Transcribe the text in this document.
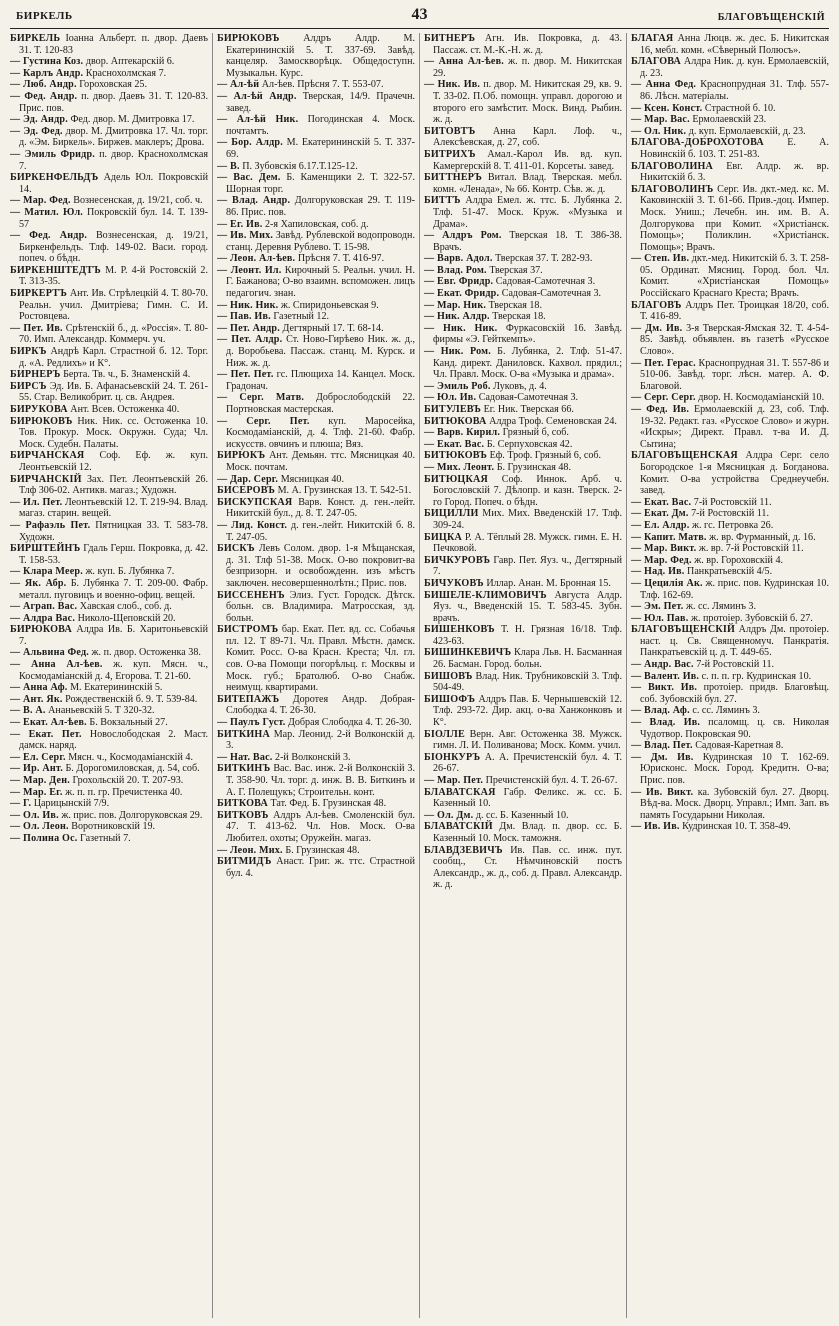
БИРКЕЛЬ	43	БЛАГОВЪЩЕНСКІЙ

БИРКЕЛЬ Іоанна Альберт. п. двор. Даевъ 31. Т. 120-83

— Густина Коз. двор. Аптекарскій 6.

— Карлъ Андр. Краснохолмская 7.

— Люб. Андр. Гороховская 25.

— Фед. Андр. п. двор. Даевъ 31. Т. 120-83. Прис. пов.

— Эд. Андр. Фед. двор. М. Дмитровка 17.

— Эд. Фед. двор. М. Дмитровка 17. Чл. торг. д. «Эм. Биркель». Биржев. маклеръ; Дрова.

— Эмиль Фридр. п. двор. Краснохолмская 7.

БИРКЕНФЕЛЬДЪ Адель Юл. Покровскій 14.

— Мар. Фед. Вознесенская, д. 19/21, соб. ч.

— Матил. Юл. Покровскій бул. 14. Т. 139-57

— Фед. Андр. Вознесенская, д. 19/21, Биркенфельдъ. Тлф. 149-02. Васи. город. попеч. о бѣдн.

БИРКЕНШТЕДТЪ М. Р. 4-й Ростовскій 2. Т. 313-35.

БИРКЕРТЪ Ант. Ив. Стрѣлецкій 4. Т. 80-70. Реальн. учил. Дмитріева; Гимн. С. И. Ростовцева.

— Пет. Ив. Срѣтенскій б., д. «Россія». Т. 80-70. Имп. Александр. Коммерч. уч.

БИРКЪ Андрѣ Карл. Страстной б. 12. Торг. д. «А. Редлихъ» и К°.

БИРНЕРЪ Берта. Тв. ч., Б. Знаменскій 4.

БИРСЪ Эд. Ив. Б. Афанасьевскій 24. Т. 261-55. Стар. Великобрит. ц. св. Андрея.

БИРУКОВА Ант. Всев. Остоженка 40.

БИРЮКОВЪ Ник. Ник. сс. Остоженка 10. Тов. Прокур. Моск. Окружн. Суда; Чл. Моск. Судебн. Палаты.

БИРЧАНСКАЯ Соф. Еф. ж. куп. Леонтьевскій 12.

БИРЧАНСКІЙ Зах. Пет. Леонтьевскій 26. Тлф 306-02. Антикв. магаз.; Художн.

— Ил. Пет. Леонтьевскій 12. Т. 219-94. Влад. магаз. старин. вещей.

— Рафаэль Пет. Пятницкая 33. Т. 583-78. Художн.

БИРШТЕЙНЪ Гдаль Герш. Покровка, д. 42. Т. 158-53.

— Клара Меер. ж. куп. Б. Лубянка 7.

— Як. Абр. Б. Лубянка 7. Т. 209-00. Фабр. металл. пуговицъ и военно-офиц. вещей.

— Аграп. Вас. Хавская слоб., соб. д.

— Алдра Вас. Николо-Щеповскій 20.

БИРЮКОВА Алдра Ив. Б. Харитоньевскій 7.

— Альвина Фед. ж. п. двор. Остоженка 38.

— Анна Ал-ѣев. ж. куп. Мясн. ч., Космодаміанскій д. 4, Егорова. Т. 21-60.

— Анна Аф. М. Екатерининскій 5.

— Ант. Як. Рождественскій б. 9. Т. 539-84.

— В. А. Ананьевскій 5. Т 320-32.

— Екат. Ал-ѣев. Б. Вокзальный 27.

— Екат. Пет. Новослободская 2. Маст. дамск. наряд.

— Ел. Серг. Мясн. ч., Космодаміанскій 4.

— Ир. Ант. Б. Дорогомиловская, д. 54, соб.

— Мар. Ден. Грохольскій 20. Т. 207-93.

— Мар. Ег. ж. п. п. гр. Пречистенка 40.

— Г. Царицынскій 7/9.

— Ол. Ив. ж. прис. пов. Долгоруковская 29.

— Ол. Леон. Воротниковскій 19.

— Полина Ос. Газетный 7.

БИРЮКОВЪ Алдръ Алдр. М. Екатерининскій 5. Т. 337-69. Завѣд. канцеляр. Замоскворѣцк. Общедоступн. Музыкальн. Курс.

— Ал-ѣй Ал-ѣев. Прѣсня 7. Т. 553-07.

— Ал-ѣй Андр. Тверская, 14/9. Прачечн. завед.

— Ал-ѣй Ник. Погодинская 4. Моск. почтамтъ.

— Бор. Алдр. М. Екатерининскій 5. Т. 337-69.

— В. П. Зубовскія 6.17.Т.125-12.

— Вас. Дем. Б. Каменщики 2. Т. 322-57. Шорная торг.

— Влад. Андр. Долгоруковская 29. Т. 119-86. Прис. пов.

— Ег. Ив. 2-я Хапиловская, соб. д.

— Ив. Мих. Завѣд. Рублевской водопроводн. станц. Деревня Рублево. Т. 15-98.

— Леон. Ал-ѣев. Прѣсня 7. Т. 416-97.

— Леонт. Ил. Кирочный 5. Реальн. учил. Н. Г. Бажанова; О-во взаимн. вспоможен. лицъ педагогич. знан.

— Ник. Ник. ж. Спиридоньевская 9.

— Пав. Ив. Газетный 12.

— Пет. Андр. Дегтярный 17. Т. 68-14.

— Пет. Алдр. Ст. Ново-Гирѣево Ник. ж. д., д. Воробьева. Пассаж. станц. М. Курск. и Ниж. ж. д.

— Пет. Пет. гс. Плющиха 14. Канцел. Моск. Градонач.

— Серг. Матв. Доброслободскій 22. Портновская мастерская.

— Серг. Пет. куп. Маросейка, Космодаміанскій, д. 4. Тлф. 21-60. Фабр. искусств. овчинъ и плюша; Вяз.

БИРЮКЪ Ант. Демьян. ттс. Мясницкая 40. Моск. почтам.

— Дар. Серг. Мясницкая 40.

БИСЕРОВЪ М. А. Грузинская 13. Т. 542-51.

БИСКУПСКАЯ Варв. Конст. д. ген.-лейт. Никитскій бул., д. 8. Т. 247-05.

— Лид. Конст. д. ген.-лейт. Никитскій б. 8. Т. 247-05.

БИСКЪ Левъ Солом. двор. 1-я Мѣщанская, д. 31. Тлф 51-38. Моск. О-во покровит-ва безпризорн. и освобожденн. изъ мѣстъ заключен. несовершеннолѣтн.; Прис. пов.

БИССЕНЕНЪ Элиз. Густ. Городск. Дѣтск. больн. св. Владимира. Матросская, зд. больн.

БИСТРОМЪ бар. Екат. Пет. вд. сс. Собачья пл. 12. Т 89-71. Чл. Правл. Мѣстн. дамск. Комит. Росс. О-ва Красн. Креста; Чл. гл. сов. О-ва Помощи погорѣльц. г. Москвы и Моск. губ.; Братолюб. О-во Снабж. неимущ. квартирами.

БИТЕПАЖЪ Доротея Андр. Добрая-Слободка 4. Т. 26-30.

— Паулъ Густ. Добрая Слободка 4. Т. 26-30.

БИТКИНА Мар. Леонид. 2-й Волконскій д. 3.

— Нат. Вас. 2-й Волконскій 3.

БИТКИНЪ Вас. Вас. инж. 2-й Волконскій 3. Т. 358-90. Чл. торг. д. инж. В. В. Биткинъ и А. Г. Полещукъ; Строительн. конт.

БИТКОВА Тат. Фед. Б. Грузинская 48.

БИТКОВЪ Алдръ Ал-ѣев. Смоленскій бул. 47. Т. 413-62. Чл. Нов. Моск. О-ва Любител. охоты; Оружейн. магаз.

— Леон. Мих. Б. Грузинская 48.

БИТМИДЪ Анаст. Григ. ж. ттс. Страстной бул. 4.

БИТНЕРЪ Агн. Ив. Покровка, д. 43. Пассаж. ст. М.-К.-Н. ж. д.

— Анна Ал-ѣев. ж. п. двор. М. Никитская 29.

— Ник. Ив. п. двор. М. Никитская 29, кв. 9. Т. 33-02. П.Об. помощн. управл. дорогою и второго его замѣстит. Моск. Винд. Рыбин. ж. д.

БИТОВТЪ Анна Карл. Лоф. ч., Алексѣевская, д. 27, соб.

БИТРИХЪ Амал.-Карол Ив. вд. куп. Камергерскій 8. Т. 411-01. Корсеты. завед.

БИТТНЕРЪ Витал. Влад. Тверская. мебл. комн. «Ленада», № 66. Контр. Сѣв. ж. д.

БИТТЪ Алдра Емел. ж. ттс. Б. Лубянка 2. Тлф. 51-47. Моск. Круж. «Музыка и Драма».

— Алдръ Ром. Тверская 18. Т. 386-38. Врачъ.

— Варв. Адол. Тверская 37. Т. 282-93.

— Влад. Ром. Тверская 37.

— Евг. Фридр. Садовая-Самотечная 3.

— Екат. Фридр. Садовая-Самотечная 3.

— Мар. Ник. Тверская 18.

— Ник. Алдр. Тверская 18.

— Ник. Ник. Фуркасовскій 16. Завѣд. фирмы «Э. Гейткемпъ».

— Ник. Ром. Б. Лубянка, 2. Тлф. 51-47. Канд. директ. Даниловск. Кахвол. прядил.; Чл. Правл. Моск. О-ва «Музыка и драма».

— Эмиль Роб. Луковъ, д. 4.

— Юл. Ив. Садовая-Самотечная 3.

БИТУЛЕВЪ Ег. Ник. Тверская 66.

БИТЮКОВА Алдра Троф. Семеновская 24.

— Варв. Кирил. Грязный б, соб.

— Екат. Вас. Б. Серпуховская 42.

БИТЮКОВЪ Еф. Троф. Грязный 6, соб.

— Мих. Леонт. Б. Грузинская 48.

БИТЮЦКАЯ Соф. Иннок. Арб. ч. Богословскій 7. Дѣлопр. и казн. Тверск. 2-го Город. Попеч. о бѣдн.

БИЦИЛЛИ Мих. Мих. Введенскій 17. Тлф. 309-24.

БИЦКА Р. А. Тёплый 28. Мужск. гимн. Е. Н. Печковой.

БИЧКУРОВЪ Гавр. Пет. Яуз. ч., Дегтярный 7.

БИЧУКОВЪ Иллар. Анан. М. Бронная 15.

БИШЕЛЕ-КЛИМОВИЧЪ Августа Алдр. Яуз. ч., Введенскій 15. Т. 583-45. Зубн. врачъ.

БИШЕНКОВЪ Т. Н. Грязная 16/18. Тлф. 423-63.

БИШИНКЕВИЧЪ Клара Льв. Н. Басманная 26. Басман. Город. больн.

БИШОВЪ Влад. Ник. Трубниковскій 3. Тлф. 504-49.

БИШОФЪ Алдръ Пав. Б. Чернышевскій 12. Тлф. 293-72. Дир. акц. о-ва Ханжонковъ и К°.

БІОЛЛЕ Верн. Авг. Остоженка 38. Мужск. гимн. Л. И. Поливанова; Моск. Комм. учил.

БІОНКУРЪ А. А. Пречистенскій бул. 4. Т. 26-67.

— Мар. Пет. Пречистенскій бул. 4. Т. 26-67.

БЛАВАТСКАЯ Габр. Феликс. ж. сс. Б. Казенный 10.

— Ол. Дм. д. сс. Б. Казенный 10.

БЛАВАТСКІЙ Дм. Влад. п. двор. сс. Б. Казенный 10. Моск. таможня.

БЛАВДЗЕВИЧЪ Ив. Пав. сс. инж. пут. сообщ., Ст. Нѣмчиновскій постъ Александр., ж. д., соб. д. Правл. Александр. ж. д.

БЛАГАЯ Анна Люцв. ж. дес. Б. Никитская 16, мебл. комн. «Сѣверный Полюсъ».

БЛАГОВА Алдра Ник. д. кун. Ермолаевскій, д. 23.

— Анна Фед. Краснопрудная 31. Тлф. 557-86. Лѣсн. матеріалы.

— Ксен. Конст. Страстной б. 10.

— Мар. Вас. Ермолаевскій 23.

— Ол. Ник. д. куп. Ермолаевскій, д. 23.

БЛАГОВА-ДОБРОХОТОВА Е. А. Новинскій б. 103. Т. 251-83.

БЛАГОВОЛИНА Евг. Алдр. ж. вр. Никитскій б. 3.

БЛАГОВОЛИНЪ Серг. Ив. дкт.-мед. кс. М. Каковинскій 3. Т. 61-66. Прив.-доц. Импер. Моск. Униш.; Лечебн. ин. им. В. А. Долгорукова при Комит. «Христіанск. Помощь»; Поликлин. «Христіанск. Помощь»; Врачъ.

— Степ. Ив. дкт.-мед. Никитскій б. 3. Т. 258-05. Ординат. Мясниц. Город. бол. Чл. Комит. «Христіанская Помощь» Россійскаго Краснаго Креста; Врачъ.

БЛАГОВЪ Алдръ Пет. Троицкая 18/20, соб. Т. 416-89.

— Дм. Ив. 3-я Тверская-Ямская 32. Т. 4-54-85. Завѣд. объявлен. въ газетѣ «Русское Слово».

— Пет. Герас. Краснопрудная 31. Т. 557-86 и 510-06. Завѣд. торг. лѣсн. матер. А. Ф. Благовой.

— Серг. Серг. двор. Н. Космодаміанскій 10.

— Фед. Ив. Ермолаевскій д. 23, соб. Тлф. 19-32. Редакт. газ. «Русское Слово» и журн. «Искры»; Директ. Правл. т-ва И. Д. Сытина;

БЛАГОВЪЩЕНСКАЯ Алдра Серг. село Богородское 1-я Мясницкая д. Богданова. Комит. О-ва устройства Среднеучебн. завед.

— Екат. Вас. 7-й Ростовскій 11.

— Екат. Дм. 7-й Ростовскій 11.

— Ел. Алдр. ж. гс. Петровка 26.

— Капит. Матв. ж. вр. Фурманный, д. 16.

— Мар. Викт. ж. вр. 7-й Ростовскій 11.

— Мар. Фед. ж. вр. Гороховскій 4.

— Над. Ив. Панкратьевскій 4/5.

— Цецилія Ак. ж. прис. пов. Кудринская 10. Тлф. 162-69.

— Эм. Пет. ж. сс. Ляминъ 3.

— Юл. Пав. ж. протоіер. Зубовскій б. 27.

БЛАГОВЪЩЕНСКІЙ Алдръ Дм. протоіер. наст. ц. Св. Священномуч. Панкратія. Панкратьевскій ц. д. Т. 449-65.

— Андр. Вас. 7-й Ростовскій 11.

— Валент. Ив. с. п. п. гр. Кудринская 10.

— Викт. Ив. протоіер. придв. Благовѣщ. соб. Зубовскій бул. 27.

— Влад. Аф. с. сс. Ляминъ 3.

— Влад. Ив. псаломщ. ц. св. Николая Чудотвор. Покровская 90.

— Влад. Пет. Садовая-Каретная 8.

— Дм. Ив. Кудринская 10 Т. 162-69. Юрисконс. Моск. Город. Кредитн. О-ва; Прис. пов.

— Ив. Викт. ка. Зубовскій бул. 27. Дворц. Вѣд-ва. Моск. Дворц. Управл.; Имп. Зап. въ память Государыни Николая.

— Ив. Ив. Кудринская 10. Т. 358-49.
